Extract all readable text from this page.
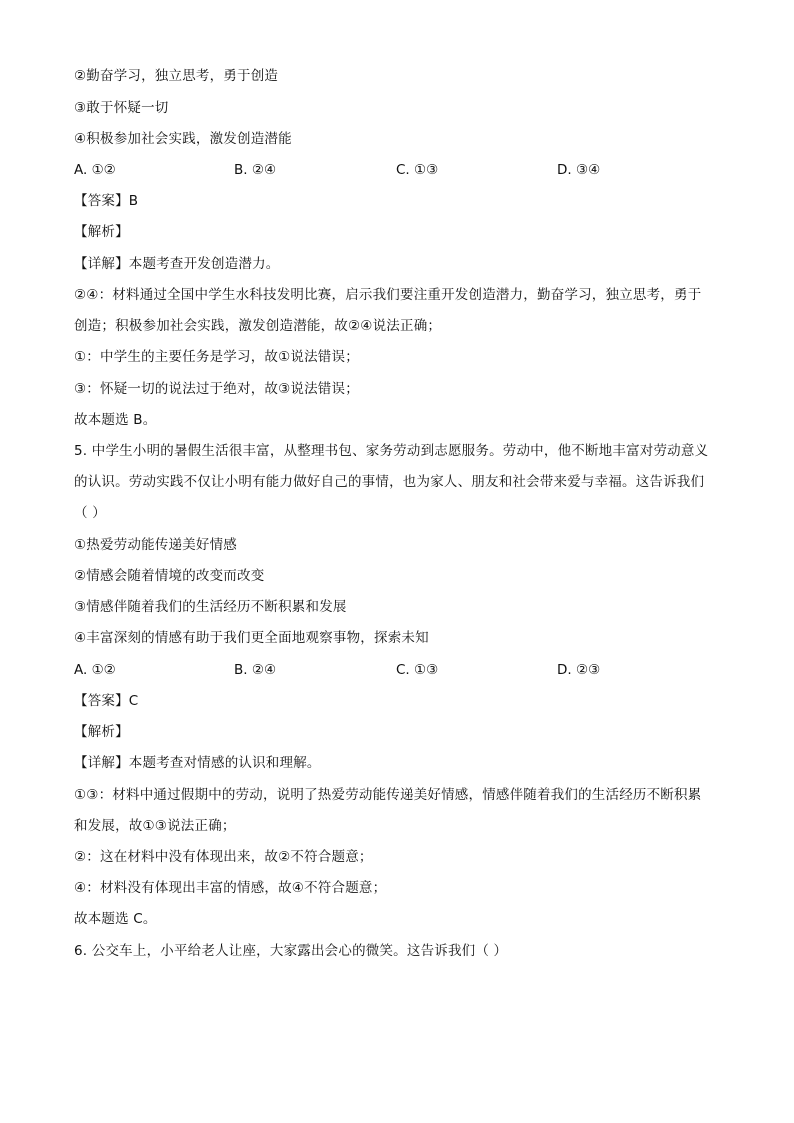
②勤奋学习，独立思考，勇于创造
③敢于怀疑一切
④积极参加社会实践，激发创造潜能
A. ①②	B. ②④	C. ①③	D. ③④
【答案】B
【解析】
【详解】本题考查开发创造潜力。
②④：材料通过全国中学生水科技发明比赛，启示我们要注重开发创造潜力，勤奋学习，独立思考，勇于
创造；积极参加社会实践，激发创造潜能，故②④说法正确；
①：中学生的主要任务是学习，故①说法错误；
③：怀疑一切的说法过于绝对，故③说法错误；
故本题选 B。
5. 中学生小明的暑假生活很丰富，从整理书包、家务劳动到志愿服务。劳动中，他不断地丰富对劳动意义
的认识。劳动实践不仅让小明有能力做好自己的事情，也为家人、朋友和社会带来爱与幸福。这告诉我们
（ ）
①热爱劳动能传递美好情感
②情感会随着情境的改变而改变
③情感伴随着我们的生活经历不断积累和发展
④丰富深刻的情感有助于我们更全面地观察事物，探索未知
A. ①②	B. ②④	C. ①③	D. ②③
【答案】C
【解析】
【详解】本题考查对情感的认识和理解。
①③：材料中通过假期中的劳动，说明了热爱劳动能传递美好情感，情感伴随着我们的生活经历不断积累
和发展，故①③说法正确；
②：这在材料中没有体现出来，故②不符合题意；
④：材料没有体现出丰富的情感，故④不符合题意；
故本题选 C。
6. 公交车上，小平给老人让座，大家露出会心的微笑。这告诉我们（ ）
